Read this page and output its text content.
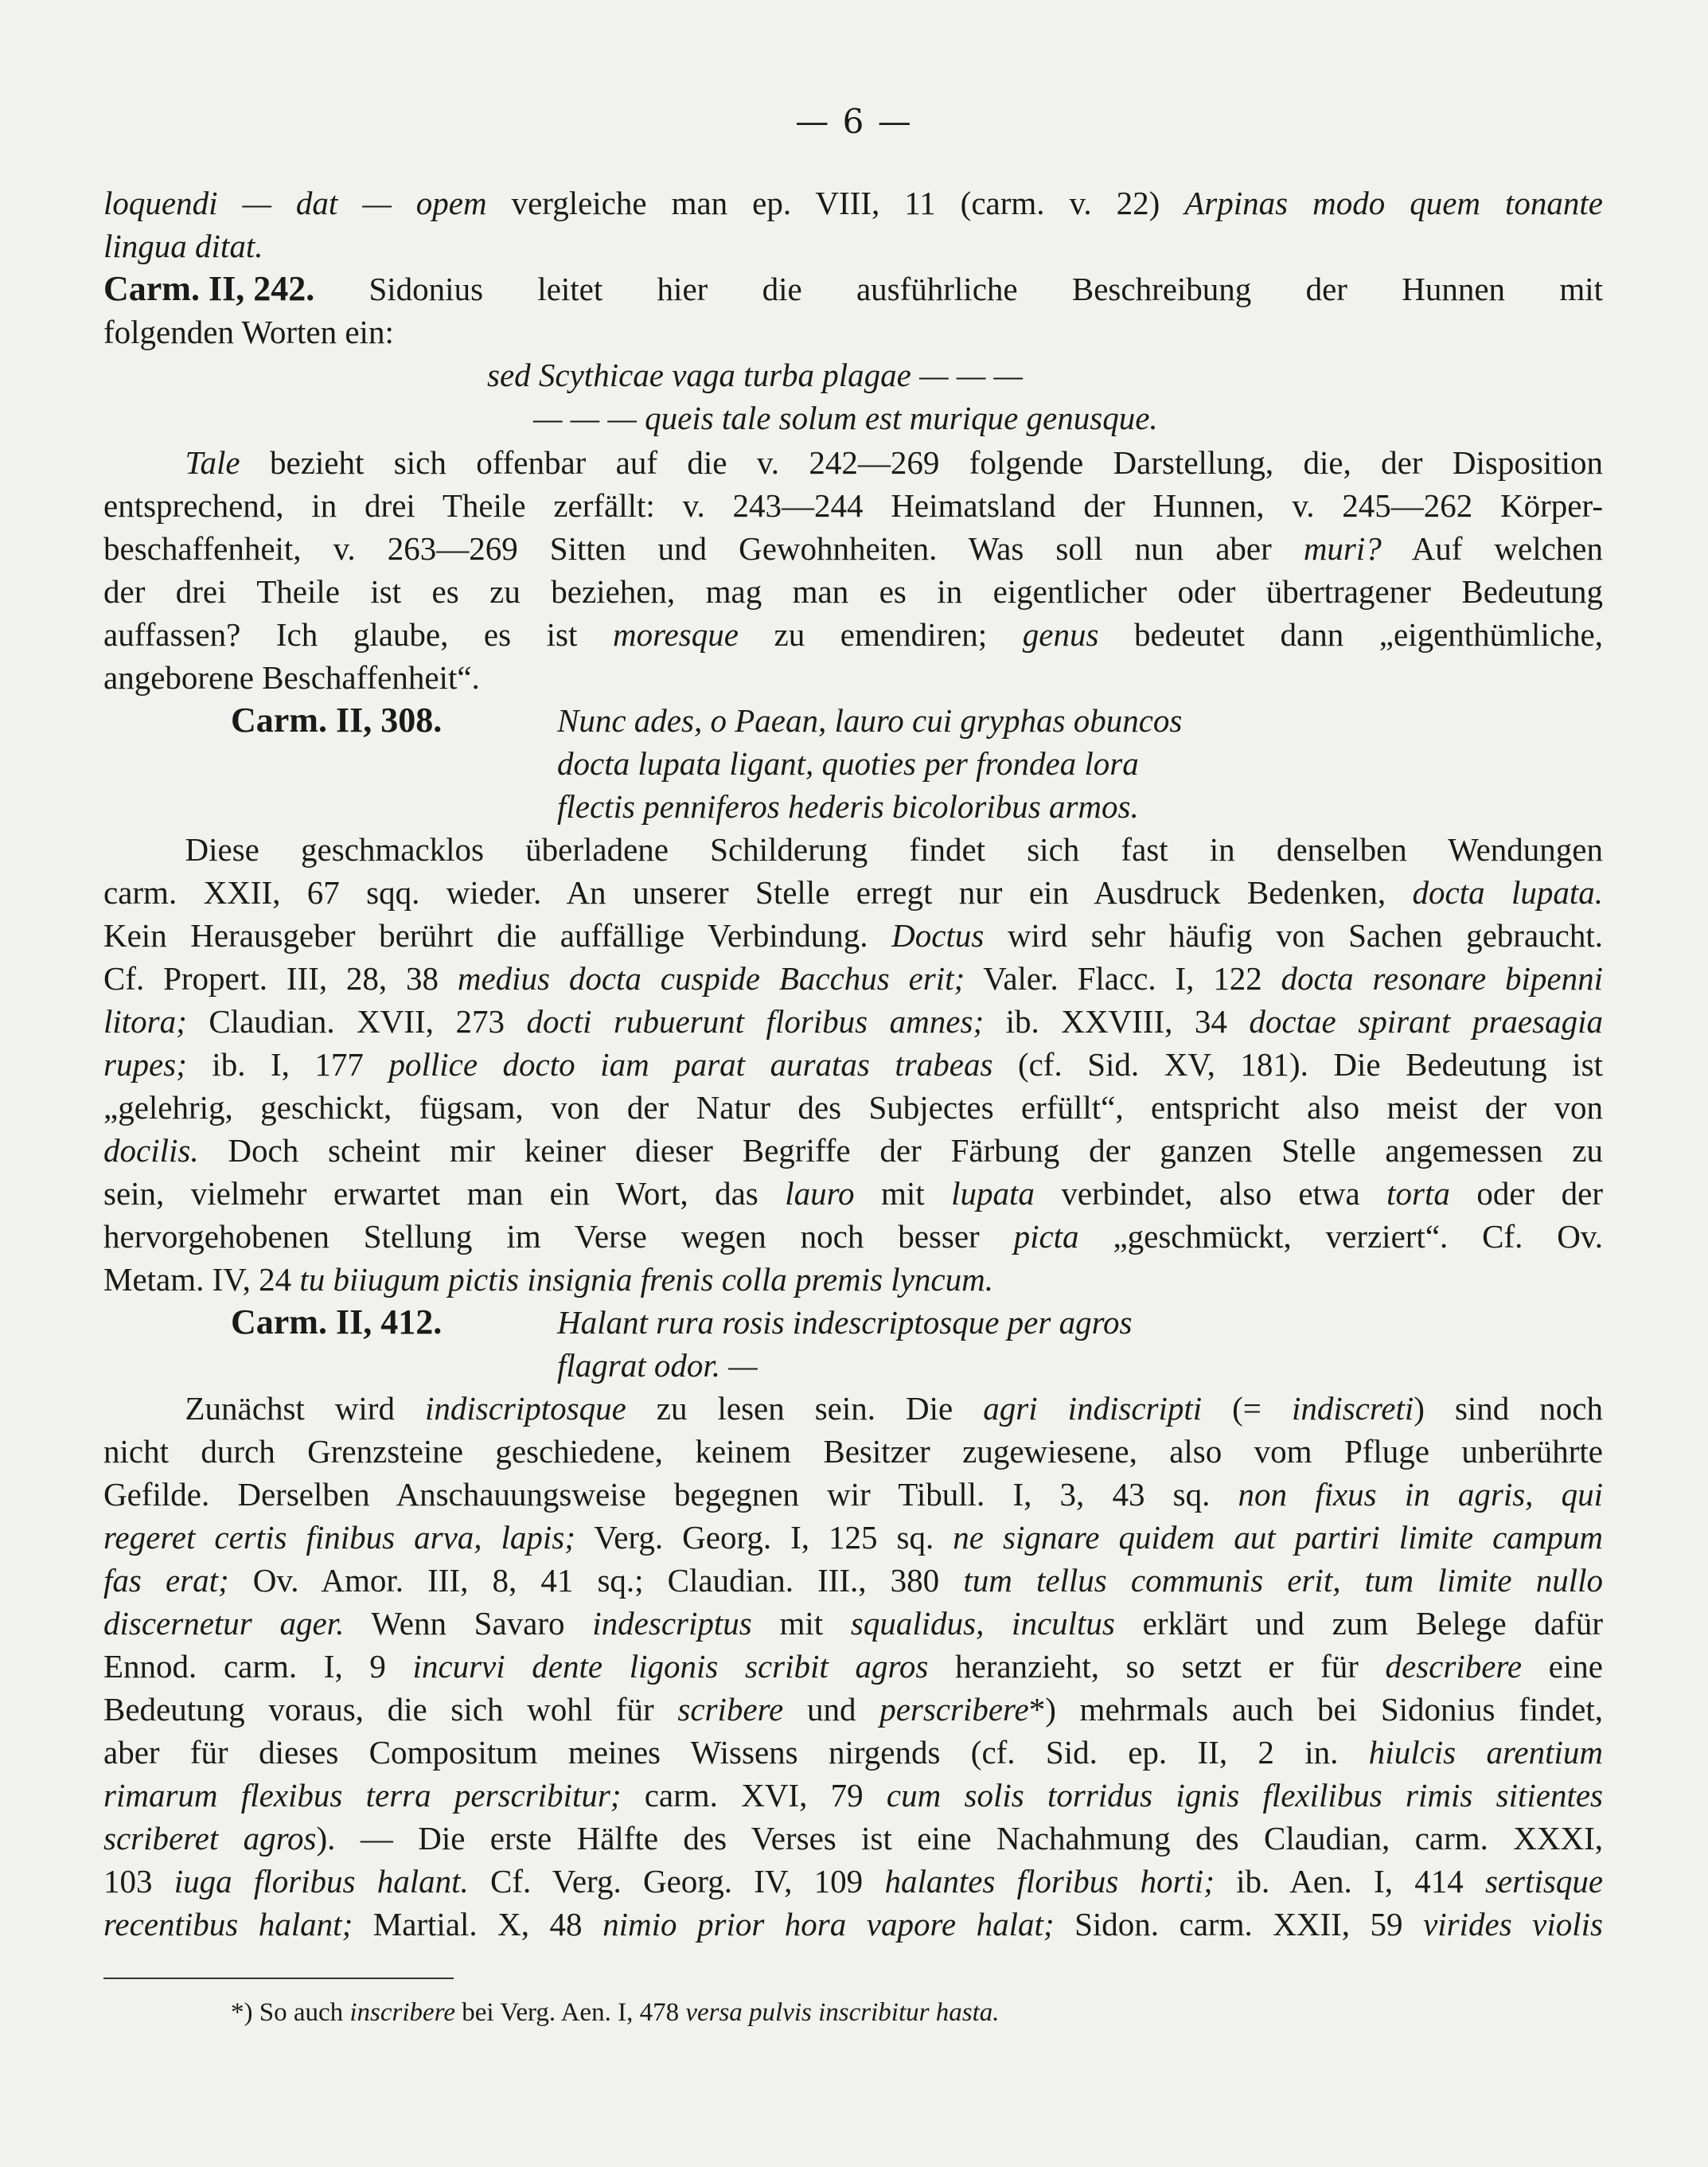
— 6 —
loquendi — dat — opem vergleiche man ep. VIII, 11 (carm. v. 22) Arpinas modo quem tonante
lingua ditat.
Carm. II, 242. Sidonius leitet hier die ausführliche Beschreibung der Hunnen mit
folgenden Worten ein:
   Tale bezieht sich offenbar auf die v. 242—269 folgende Darstellung, die, der Disposition
entsprechend, in drei Theile zerfällt: v. 243—244 Heimatsland der Hunnen, v. 245—262 Körper-
beschaffenheit, v. 263—269 Sitten und Gewohnheiten. Was soll nun aber muri? Auf welchen
der drei Theile ist es zu beziehen, mag man es in eigentlicher oder übertragener Bedeutung
auffassen? Ich glaube, es ist moresque zu emendiren; genus bedeutet dann „eigenthümliche,
angeborene Beschaffenheit“.
   Diese geschmacklos überladene Schilderung findet sich fast in denselben Wendungen
carm. XXII, 67 sqq. wieder. An unserer Stelle erregt nur ein Ausdruck Bedenken, docta lupata.
Kein Herausgeber berührt die auffällige Verbindung. Doctus wird sehr häufig von Sachen gebraucht.
Cf. Propert. III, 28, 38 medius docta cuspide Bacchus erit; Valer. Flacc. I, 122 docta resonare bipenni
litora; Claudian. XVII, 273 docti rubuerunt floribus amnes; ib. XXVIII, 34 doctae spirant praesagia
rupes; ib. I, 177 pollice docto iam parat auratas trabeas (cf. Sid. XV, 181). Die Bedeutung ist
„gelehrig, geschickt, fügsam, von der Natur des Subjectes erfüllt“, entspricht also meist der von
docilis. Doch scheint mir keiner dieser Begriffe der Färbung der ganzen Stelle angemessen zu
sein, vielmehr erwartet man ein Wort, das lauro mit lupata verbindet, also etwa torta oder der
hervorgehobenen Stellung im Verse wegen noch besser picta „geschmückt, verziert“. Cf. Ov.
Metam. IV, 24 tu biiugum pictis insignia frenis colla premis lyncum.
   Zunächst wird indiscriptosque zu lesen sein. Die agri indiscripti (= indiscreti) sind noch
nicht durch Grenzsteine geschiedene, keinem Besitzer zugewiesene, also vom Pfluge unberührte
Gefilde. Derselben Anschauungsweise begegnen wir Tibull. I, 3, 43 sq. non fixus in agris, qui
regeret certis finibus arva, lapis; Verg. Georg. I, 125 sq. ne signare quidem aut partiri limite campum
fas erat; Ov. Amor. III, 8, 41 sq.; Claudian. III., 380 tum tellus communis erit, tum limite nullo
discernetur ager. Wenn Savaro indescriptus mit squalidus, incultus erklärt und zum Belege dafür
Ennod. carm. I, 9 incurvi dente ligonis scribit agros heranzieht, so setzt er für describere eine
Bedeutung voraus, die sich wohl für scribere und perscribere*) mehrmals auch bei Sidonius findet,
aber für dieses Compositum meines Wissens nirgends (cf. Sid. ep. II, 2 in. hiulcis arentium
rimarum flexibus terra perscribitur; carm. XVI, 79 cum solis torridus ignis flexilibus rimis sitientes
scriberet agros). — Die erste Hälfte des Verses ist eine Nachahmung des Claudian, carm. XXXI,
103 iuga floribus halant. Cf. Verg. Georg. IV, 109 halantes floribus horti; ib. Aen. I, 414 sertisque
recentibus halant; Martial. X, 48 nimio prior hora vapore halat; Sidon. carm. XXII, 59 virides violis
Carm. II, 308.
Carm. II, 412.
sed Scythicae vaga turba plagae — — —
— — — queis tale solum est murique genusque.
Nunc ades, o Paean, lauro cui gryphas obuncos
docta lupata ligant, quoties per frondea lora
flectis penniferos hederis bicoloribus armos.
Halant rura rosis indescriptosque per agros
flagrat odor. —
*) So auch inscribere bei Verg. Aen. I, 478 versa pulvis inscribitur hasta.
